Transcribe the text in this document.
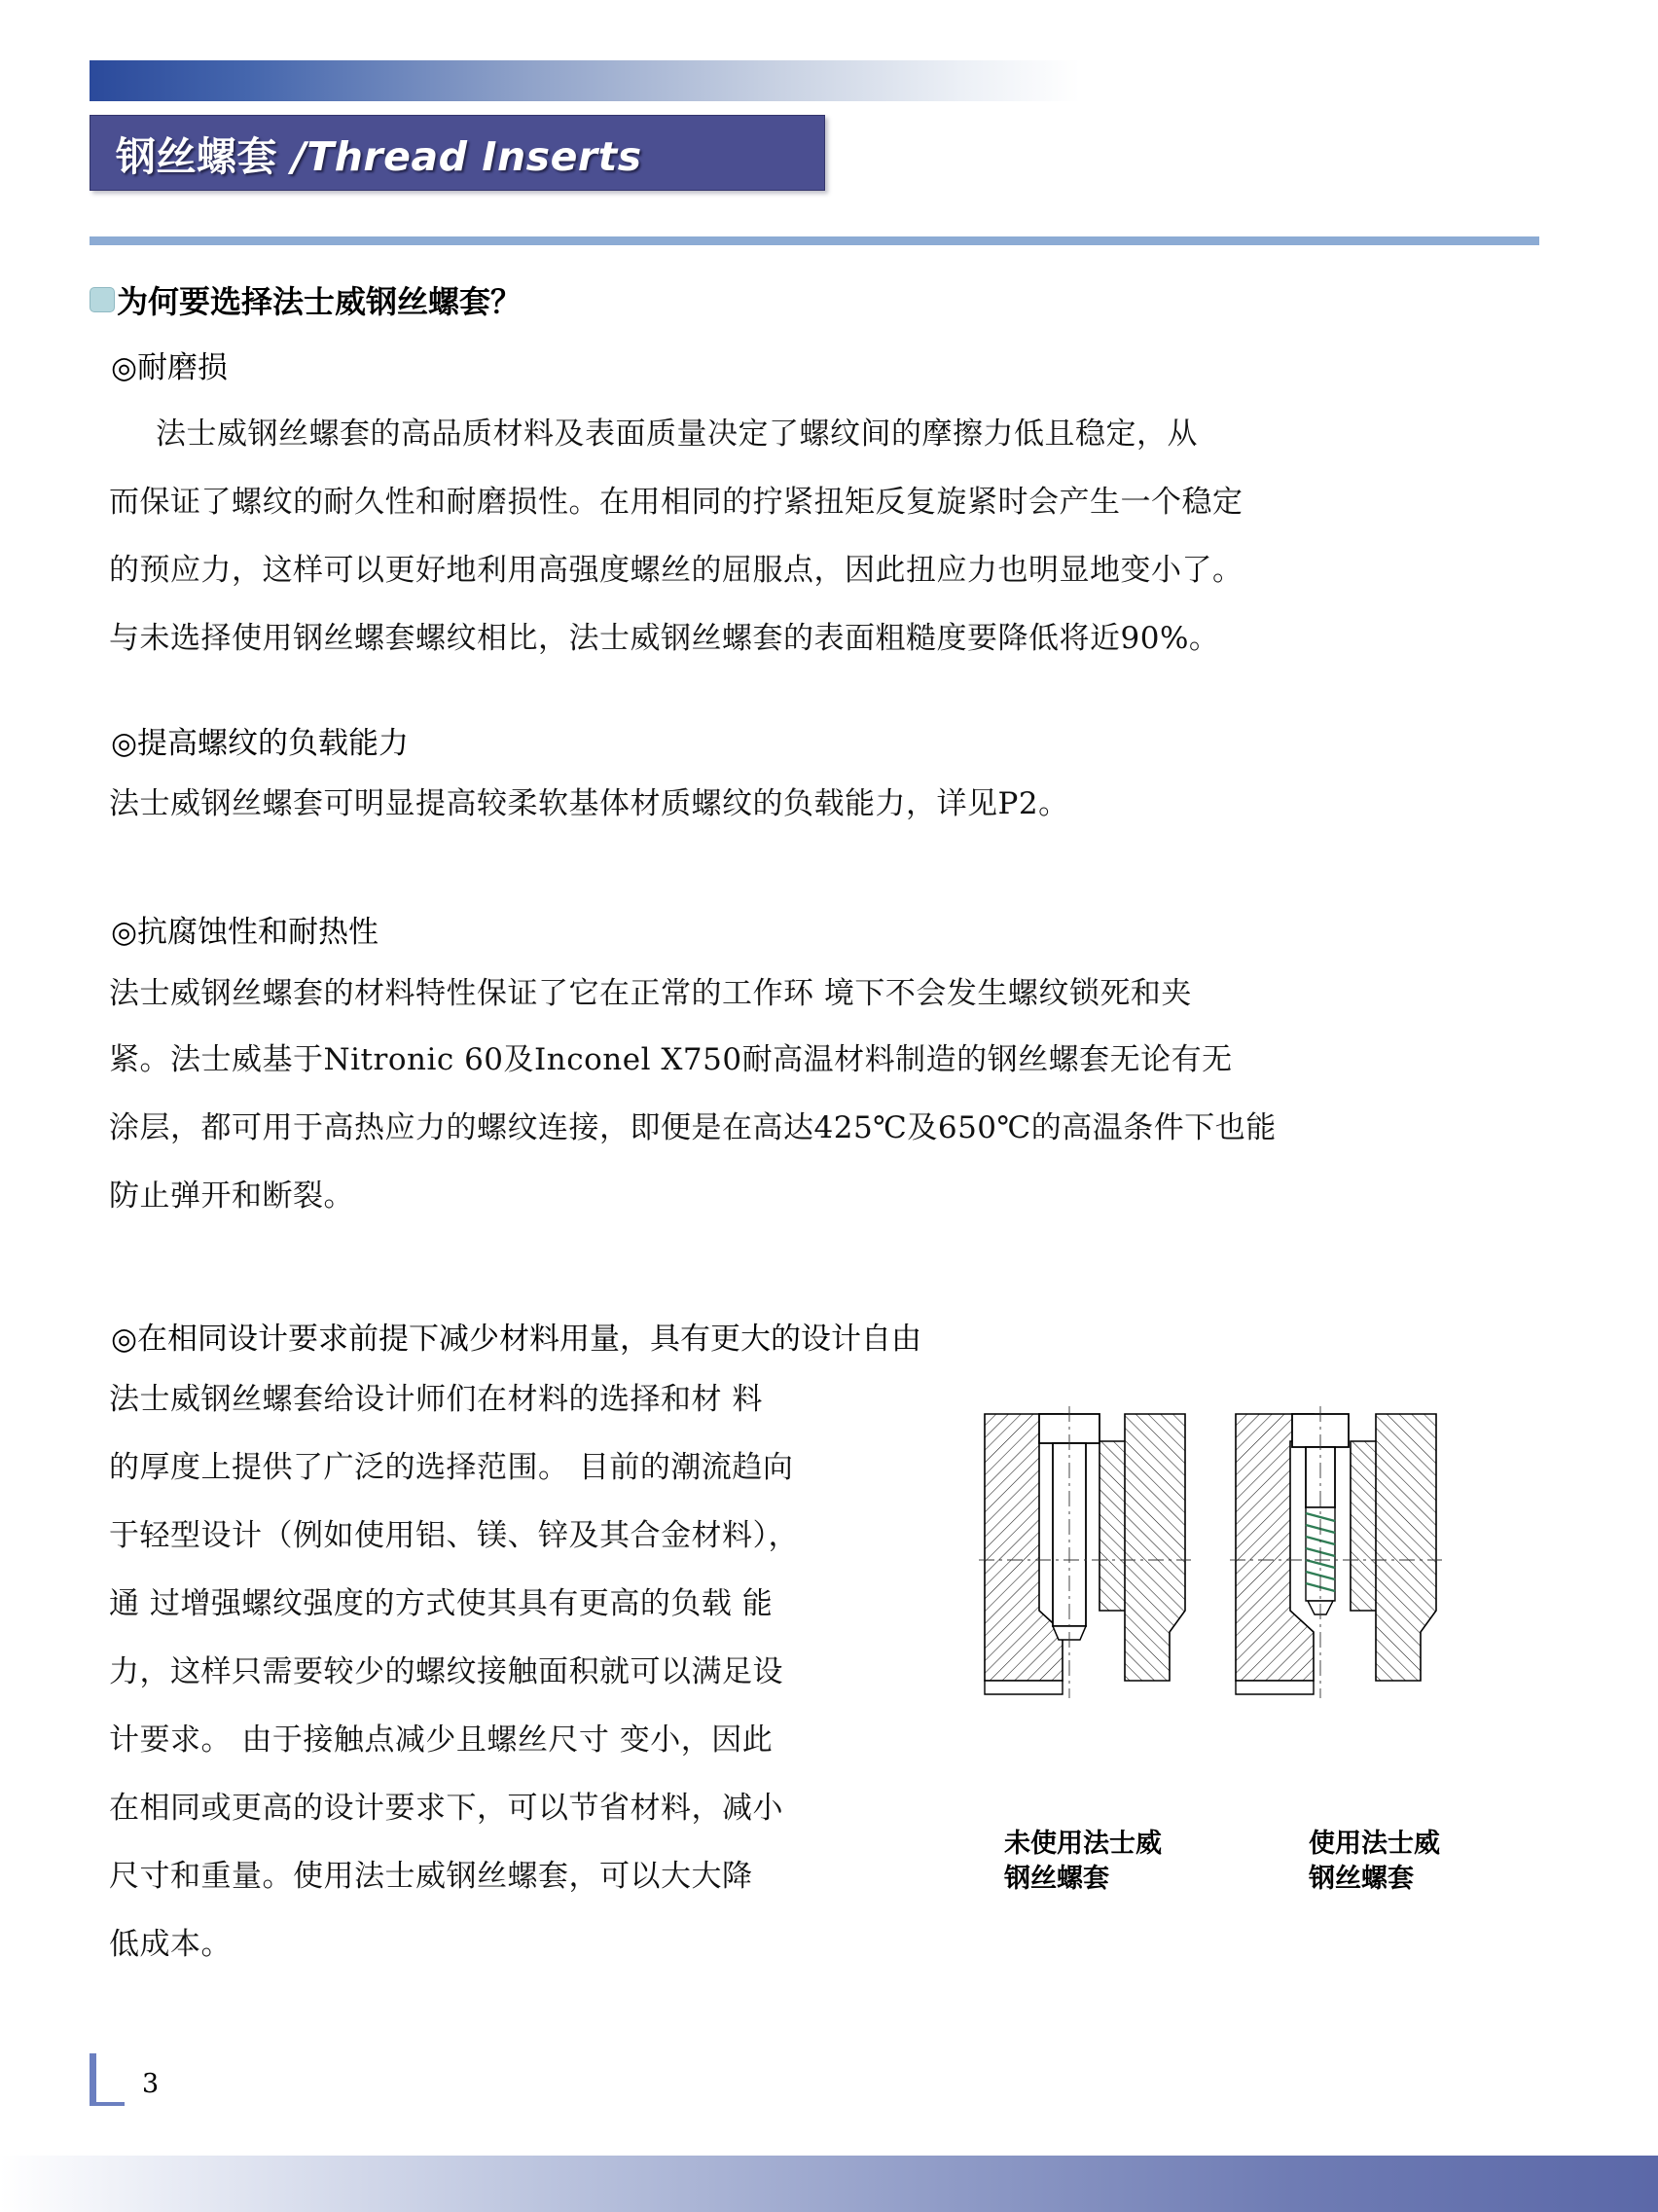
钢丝螺套 /Thread Inserts
为何要选择法士威钢丝螺套？
◎耐磨损
法士威钢丝螺套的高品质材料及表面质量决定了螺纹间的摩擦力低且稳定，从
而保证了螺纹的耐久性和耐磨损性。在用相同的拧紧扭矩反复旋紧时会产生一个稳定
的预应力，这样可以更好地利用高强度螺丝的屈服点，因此扭应力也明显地变小了。
与未选择使用钢丝螺套螺纹相比，法士威钢丝螺套的表面粗糙度要降低将近90%。
◎提高螺纹的负载能力
法士威钢丝螺套可明显提高较柔软基体材质螺纹的负载能力，详见P2。
◎抗腐蚀性和耐热性
法士威钢丝螺套的材料特性保证了它在正常的工作环 境下不会发生螺纹锁死和夹
紧。法士威基于Nitronic 60及Inconel X750耐高温材料制造的钢丝螺套无论有无
涂层，都可用于高热应力的螺纹连接，即便是在高达425℃及650℃的高温条件下也能
防止弹开和断裂。
◎在相同设计要求前提下减少材料用量，具有更大的设计自由
法士威钢丝螺套给设计师们在材料的选择和材 料
的厚度上提供了广泛的选择范围。 目前的潮流趋向
于轻型设计（例如使用铝、镁、锌及其合金材料），
通 过增强螺纹强度的方式使其具有更高的负载 能
力，这样只需要较少的螺纹接触面积就可以满足设
计要求。 由于接触点减少且螺丝尺寸 变小，因此
在相同或更高的设计要求下，可以节省材料，减小
尺寸和重量。使用法士威钢丝螺套，可以大大降
低成本。
未使用法士威
钢丝螺套
使用法士威
钢丝螺套
3
